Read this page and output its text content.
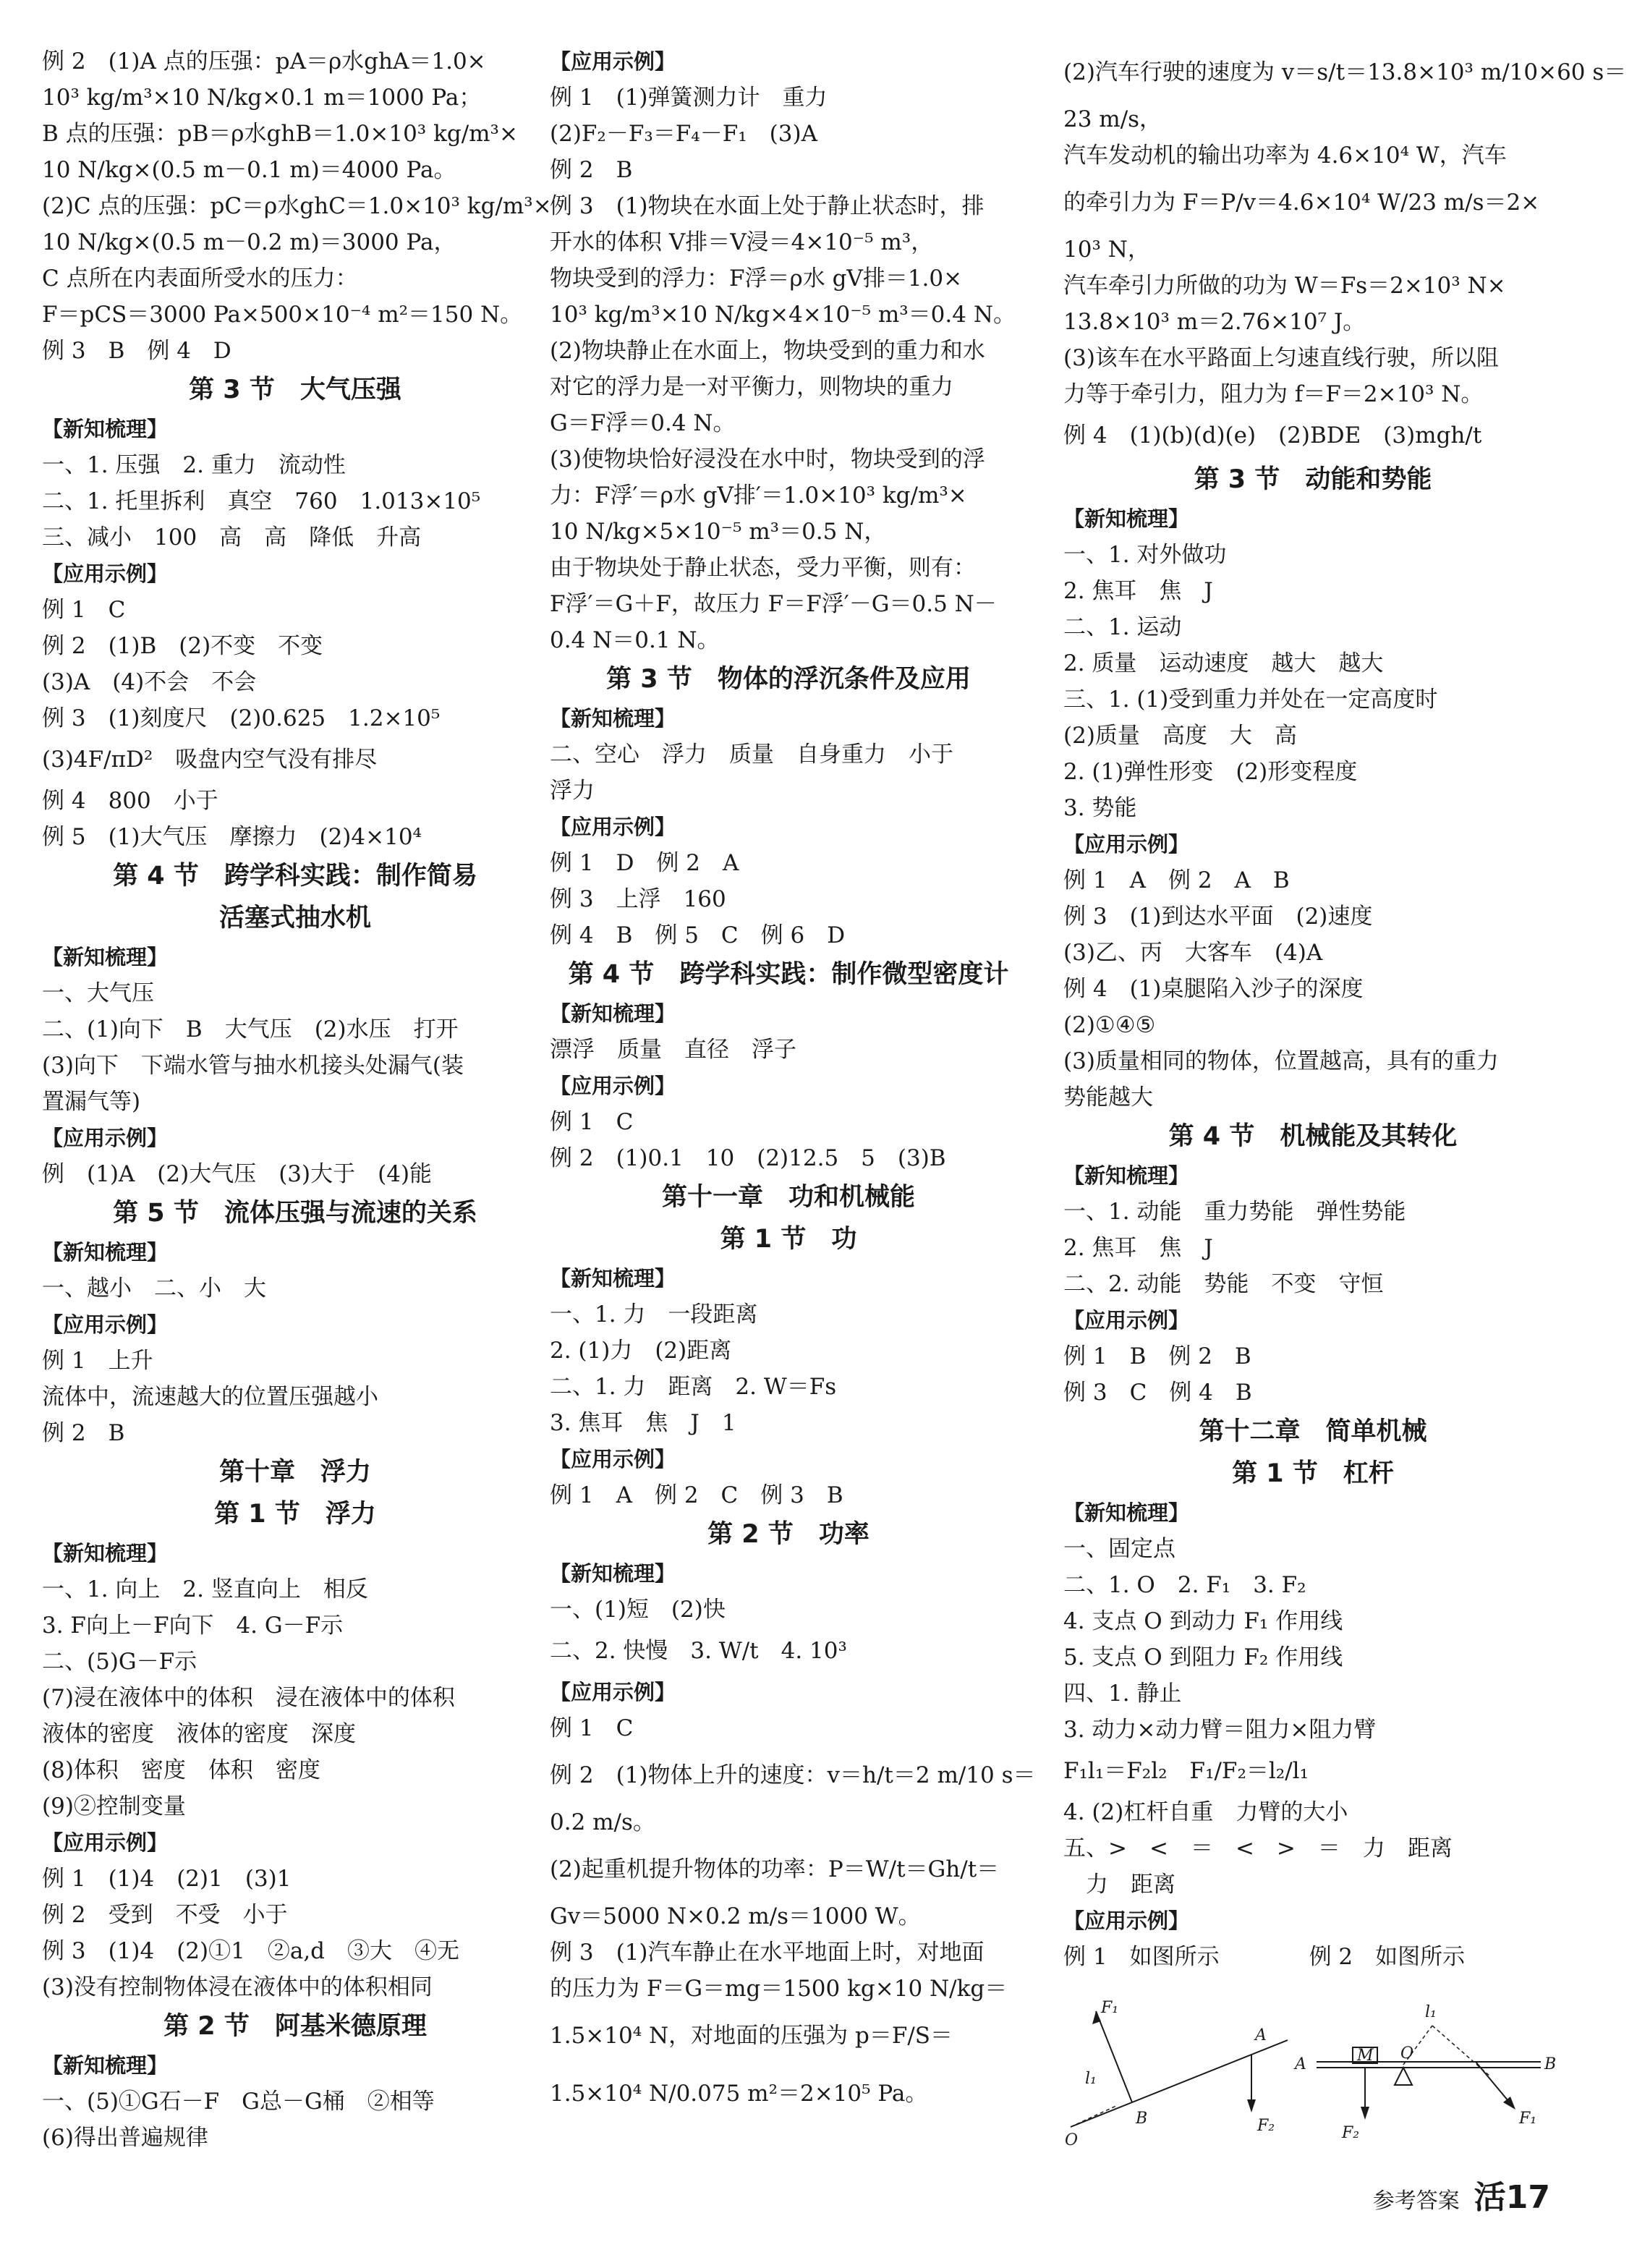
例 2　(1)A 点的压强：pA＝ρ水ghA＝1.0×
10³ kg/m³×10 N/kg×0.1 m＝1000 Pa；
B 点的压强：pB＝ρ水ghB＝1.0×10³ kg/m³×
10 N/kg×(0.5 m－0.1 m)＝4000 Pa。
(2)C 点的压强：pC＝ρ水ghC＝1.0×10³ kg/m³×
10 N/kg×(0.5 m－0.2 m)＝3000 Pa，
C 点所在内表面所受水的压力：
F＝pCS＝3000 Pa×500×10⁻⁴ m²＝150 N。
例 3　B　例 4　D
第 3 节　大气压强
【新知梳理】
一、1. 压强　2. 重力　流动性
二、1. 托里拆利　真空　760　1.013×10⁵
三、减小　100　高　高　降低　升高
【应用示例】
例 1　C
例 2　(1)B　(2)不变　不变
(3)A　(4)不会　不会
例 3　(1)刻度尺　(2)0.625　1.2×10⁵
(3)4F/πD²　吸盘内空气没有排尽
例 4　800　小于
例 5　(1)大气压　摩擦力　(2)4×10⁴
第 4 节　跨学科实践：制作简易
活塞式抽水机
【新知梳理】
一、大气压
二、(1)向下　B　大气压　(2)水压　打开
(3)向下　下端水管与抽水机接头处漏气(装
置漏气等)
【应用示例】
例　(1)A　(2)大气压　(3)大于　(4)能
第 5 节　流体压强与流速的关系
【新知梳理】
一、越小　二、小　大
【应用示例】
例 1　上升
流体中，流速越大的位置压强越小
例 2　B
第十章　浮力
第 1 节　浮力
【新知梳理】
一、1. 向上　2. 竖直向上　相反
3. F向上－F向下　4. G－F示
二、(5)G－F示
(7)浸在液体中的体积　浸在液体中的体积
液体的密度　液体的密度　深度
(8)体积　密度　体积　密度
(9)②控制变量
【应用示例】
例 1　(1)4　(2)1　(3)1
例 2　受到　不受　小于
例 3　(1)4　(2)①1　②a,d　③大　④无
(3)没有控制物体浸在液体中的体积相同
第 2 节　阿基米德原理
【新知梳理】
一、(5)①G石－F　G总－G桶　②相等
(6)得出普遍规律
【应用示例】
例 1　(1)弹簧测力计　重力
(2)F₂－F₃＝F₄－F₁　(3)A
例 2　B
例 3　(1)物块在水面上处于静止状态时，排
开水的体积 V排＝V浸＝4×10⁻⁵ m³，
物块受到的浮力：F浮＝ρ水 gV排＝1.0×
10³ kg/m³×10 N/kg×4×10⁻⁵ m³＝0.4 N。
(2)物块静止在水面上，物块受到的重力和水
对它的浮力是一对平衡力，则物块的重力
G＝F浮＝0.4 N。
(3)使物块恰好浸没在水中时，物块受到的浮
力：F浮′＝ρ水 gV排′＝1.0×10³ kg/m³×
10 N/kg×5×10⁻⁵ m³＝0.5 N，
由于物块处于静止状态，受力平衡，则有：
F浮′＝G＋F，故压力 F＝F浮′－G＝0.5 N－
0.4 N＝0.1 N。
第 3 节　物体的浮沉条件及应用
【新知梳理】
二、空心　浮力　质量　自身重力　小于
浮力
【应用示例】
例 1　D　例 2　A
例 3　上浮　160
例 4　B　例 5　C　例 6　D
第 4 节　跨学科实践：制作微型密度计
【新知梳理】
漂浮　质量　直径　浮子
【应用示例】
例 1　C
例 2　(1)0.1　10　(2)12.5　5　(3)B
第十一章　功和机械能
第 1 节　功
【新知梳理】
一、1. 力　一段距离
2. (1)力　(2)距离
二、1. 力　距离　2. W＝Fs
3. 焦耳　焦　J　1
【应用示例】
例 1　A　例 2　C　例 3　B
第 2 节　功率
【新知梳理】
一、(1)短　(2)快
二、2. 快慢　3. W/t　4. 10³
【应用示例】
例 1　C
例 2　(1)物体上升的速度：v＝h/t＝2 m/10 s＝
0.2 m/s。
(2)起重机提升物体的功率：P＝W/t＝Gh/t＝
Gv＝5000 N×0.2 m/s＝1000 W。
例 3　(1)汽车静止在水平地面上时，对地面
的压力为 F＝G＝mg＝1500 kg×10 N/kg＝
1.5×10⁴ N，对地面的压强为 p＝F/S＝
1.5×10⁴ N/0.075 m²＝2×10⁵ Pa。
(2)汽车行驶的速度为 v＝s/t＝13.8×10³ m/10×60 s＝
23 m/s，
汽车发动机的输出功率为 4.6×10⁴ W，汽车
的牵引力为 F＝P/v＝4.6×10⁴ W/23 m/s＝2×
10³ N，
汽车牵引力所做的功为 W＝Fs＝2×10³ N×
13.8×10³ m＝2.76×10⁷ J。
(3)该车在水平路面上匀速直线行驶，所以阻
力等于牵引力，阻力为 f＝F＝2×10³ N。
例 4　(1)(b)(d)(e)　(2)BDE　(3)mgh/t
第 3 节　动能和势能
【新知梳理】
一、1. 对外做功
2. 焦耳　焦　J
二、1. 运动
2. 质量　运动速度　越大　越大
三、1. (1)受到重力并处在一定高度时
(2)质量　高度　大　高
2. (1)弹性形变　(2)形变程度
3. 势能
【应用示例】
例 1　A　例 2　A　B
例 3　(1)到达水平面　(2)速度
(3)乙、丙　大客车　(4)A
例 4　(1)桌腿陷入沙子的深度
(2)①④⑤
(3)质量相同的物体，位置越高，具有的重力
势能越大
第 4 节　机械能及其转化
【新知梳理】
一、1. 动能　重力势能　弹性势能
2. 焦耳　焦　J
二、2. 动能　势能　不变　守恒
【应用示例】
例 1　B　例 2　B
例 3　C　例 4　B
第十二章　简单机械
第 1 节　杠杆
【新知梳理】
一、固定点
二、1. O　2. F₁　3. F₂
4. 支点 O 到动力 F₁ 作用线
5. 支点 O 到阻力 F₂ 作用线
四、1. 静止
3. 动力×动力臂＝阻力×阻力臂
F₁l₁＝F₂l₂　F₁/F₂＝l₂/l₁
4. (2)杠杆自重　力臂的大小
五、>　<　＝　<　>　＝　力　距离
　力　距离
【应用示例】
例 1　如图所示　　　　例 2　如图所示
F₁
l₁
O
B
A
F₂
A	M O
B
l₁
F₁
F₂
参考答案 活17
